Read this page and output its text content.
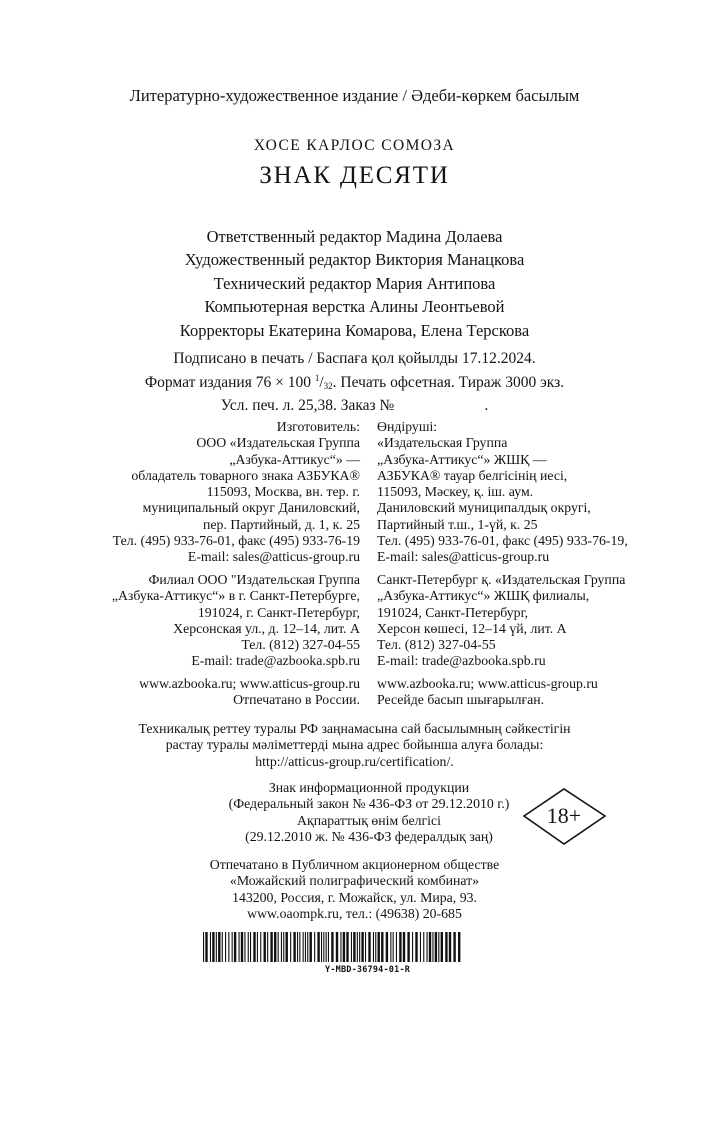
Литературно-художественное издание / Әдеби-көркем басылым
ХОСЕ КАРЛОС СОМОЗА
ЗНАК ДЕСЯТИ
Ответственный редактор Мадина Долаева
Художественный редактор Виктория Манацкова
Технический редактор Мария Антипова
Компьютерная верстка Алины Леонтьевой
Корректоры Екатерина Комарова, Елена Терскова
Подписано в печать / Баспаға қол қойылды 17.12.2024.
Формат издания 76 × 100 $^1/_{32}$. Печать офсетная. Тираж 3000 экз.
Усл. печ. л. 25,38. Заказ №	.
Изготовитель:
ООО «Издательская Группа
„Азбука-Аттикус“» —
обладатель товарного знака АЗБУКА®
115093, Москва, вн. тер. г.
муниципальный округ Даниловский,
пер. Партийный, д. 1, к. 25
Тел. (495) 933-76-01, факс (495) 933-76-19
E-mail: sales@atticus-group.ru
Өндіруші:
«Издательская Группа
„Азбука-Аттикус“» ЖШҚ —
АЗБУКА® тауар белгісінің иесі,
115093, Мәскеу, қ. іш. аум.
Даниловский муниципалдық округі,
Партийный т.ш., 1-үй, к. 25
Тел. (495) 933-76-01, факс (495) 933-76-19,
E-mail: sales@atticus-group.ru
Филиал ООО "Издательская Группа
„Азбука-Аттикус“» в г. Санкт-Петербурге,
191024, г. Санкт-Петербург,
Херсонская ул., д. 12–14, лит. А
Тел. (812) 327-04-55
E-mail: trade@azbooka.spb.ru
Санкт-Петербург қ. «Издательская Группа
„Азбука-Аттикус“» ЖШҚ филиалы,
191024, Санкт-Петербург,
Херсон көшесі, 12–14 үй, лит. А
Тел. (812) 327-04-55
E-mail: trade@azbooka.spb.ru
www.azbooka.ru; www.atticus-group.ru
Отпечатано в России.
www.azbooka.ru; www.atticus-group.ru
Ресейде басып шығарылған.
Техникалық реттеу туралы РФ заңнамасына сай басылымның сәйкестігін
растау туралы мәліметтерді мына адрес бойынша алуға болады:
http://atticus-group.ru/certification/.
Знак информационной продукции
(Федеральный закон № 436-ФЗ от 29.12.2010 г.)
Ақпараттық өнім белгісі
(29.12.2010 ж. № 436-ФЗ федералдық заң)
18+
Отпечатано в Публичном акционерном обществе
«Можайский полиграфический комбинат»
143200, Россия, г. Можайск, ул. Мира, 93.
www.oaompk.ru, тел.: (49638) 20-685
Y-MBD-36794-01-R
